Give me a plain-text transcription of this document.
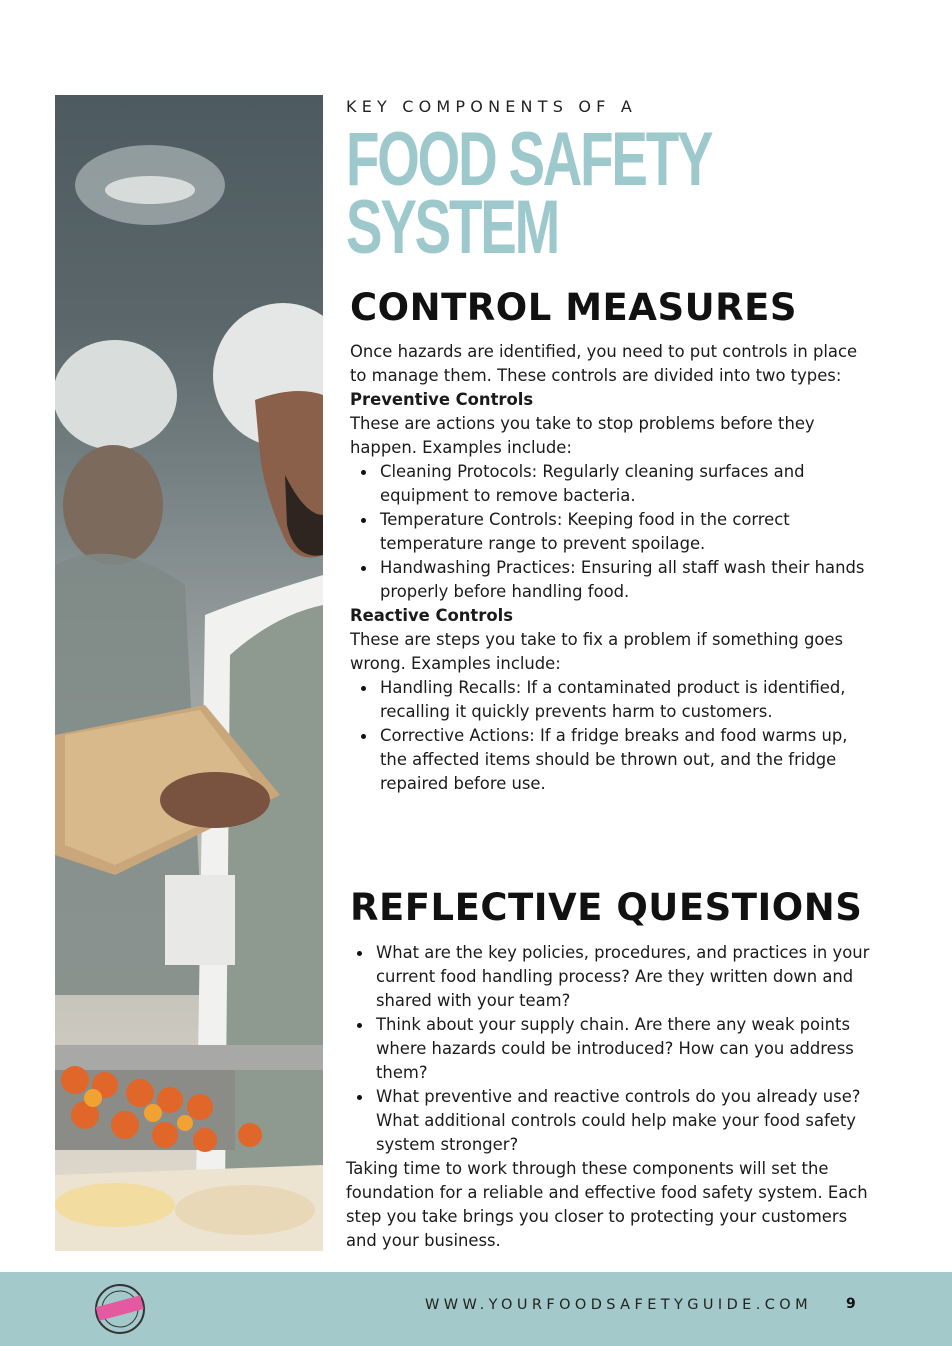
KEY COMPONENTS OF A
FOOD SAFETY
SYSTEM
CONTROL MEASURES

Once hazards are identified, you need to put controls in place to manage them. These controls are divided into two types:

Preventive Controls

These are actions you take to stop problems before they happen. Examples include:

Cleaning Protocols: Regularly cleaning surfaces and equipment to remove bacteria.
Temperature Controls: Keeping food in the correct temperature range to prevent spoilage.
Handwashing Practices: Ensuring all staff wash their hands properly before handling food.

Reactive Controls

These are steps you take to fix a problem if something goes wrong. Examples include:

Handling Recalls: If a contaminated product is identified, recalling it quickly prevents harm to customers.
Corrective Actions: If a fridge breaks and food warms up, the affected items should be thrown out, and the fridge repaired before use.
REFLECTIVE QUESTIONS
What are the key policies, procedures, and practices in your current food handling process? Are they written down and shared with your team?
Think about your supply chain. Are there any weak points where hazards could be introduced? How can you address them?
What preventive and reactive controls do you already use? What additional controls could help make your food safety system stronger?

Taking time to work through these components will set the foundation for a reliable and effective food safety system. Each step you take brings you closer to protecting your customers and your business.

WWW.YOURFOODSAFETYGUIDE.COM 9
